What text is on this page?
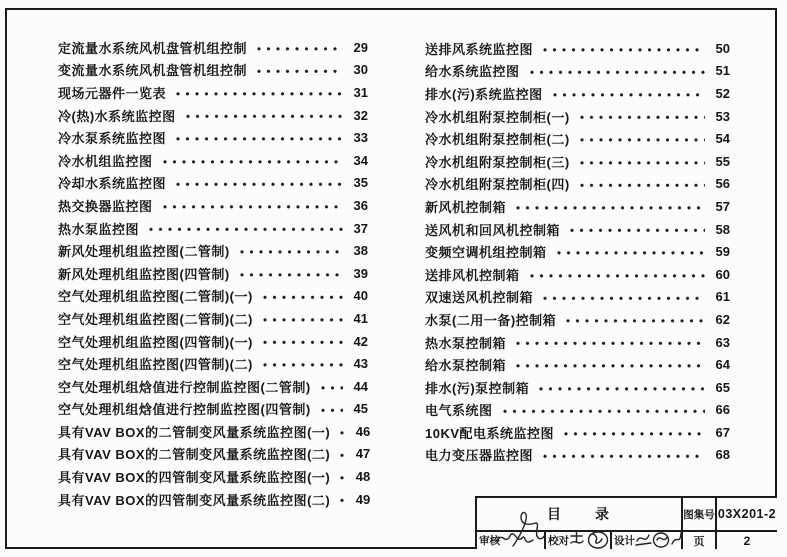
定流量水系统风机盘管机组控制	29
变流量水系统风机盘管机组控制	30
现场元器件一览表	31
冷(热)水系统监控图	32
冷水泵系统监控图	33
冷水机组监控图	34
冷却水系统监控图	35
热交换器监控图	36
热水泵监控图	37
新风处理机组监控图(二管制)	38
新风处理机组监控图(四管制)	39
空气处理机组监控图(二管制)(一)	40
空气处理机组监控图(二管制)(二)	41
空气处理机组监控图(四管制)(一)	42
空气处理机组监控图(四管制)(二)	43
空气处理机组焓值进行控制监控图(二管制)	44
空气处理机组焓值进行控制监控图(四管制)	45
具有VAV BOX的二管制变风量系统监控图(一)	46
具有VAV BOX的二管制变风量系统监控图(二)	47
具有VAV BOX的四管制变风量系统监控图(一)	48
具有VAV BOX的四管制变风量系统监控图(二)	49
送排风系统监控图	50
给水系统监控图	51
排水(污)系统监控图	52
冷水机组附泵控制柜(一)	53
冷水机组附泵控制柜(二)	54
冷水机组附泵控制柜(三)	55
冷水机组附泵控制柜(四)	56
新风机控制箱	57
送风机和回风机控制箱	58
变频空调机组控制箱	59
送排风机控制箱	60
双速送风机控制箱	61
水泵(二用一备)控制箱	62
热水泵控制箱	63
给水泵控制箱	64
排水(污)泵控制箱	65
电气系统图	66
10KV配电系统监控图	67
电力变压器监控图	68
目　　录	图集号 03X201-2
审核	校对	设计	页	2
